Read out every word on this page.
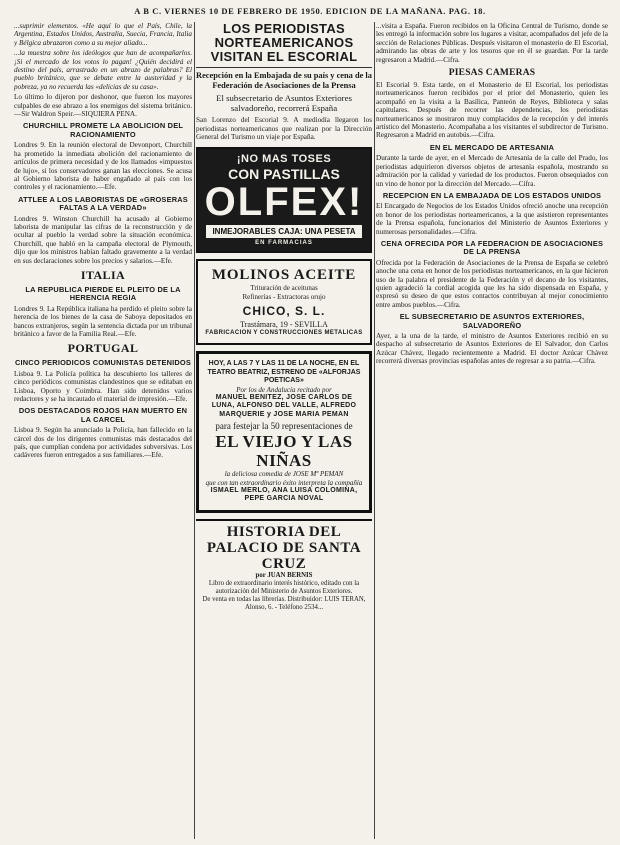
A B C. VIERNES 10 DE FEBRERO DE 1950. EDICION DE LA MAÑANA. PAG. 18.

...suprimir elementos. «He aquí lo que el País, Chile, la Argentina, Estados Unidos, Australia, Suecia, Francia, Italia y Bélgica abrazaron como a su mejor aliado...

...la muestra sobre los ideólogos que han de acompañarlos. ¡Si el mercado de los votos lo pagan! ¿Quién decidirá el destino del país, arrastrado en un abrazo de palabras? El pueblo británico, que se debate entre la austeridad y la pobreza, ya no recuerda las «delicias de su casa».

Lo último lo dijeron por deshonor, que fueron los mayores culpables de ese abrazo a los enemigos del sistema británico. —Sir Waldron Speir.—SIQUIERA PENA.

CHURCHILL PROMETE LA ABOLICION DEL RACIONAMIENTO

Londres 9. En la reunión electoral de Devonport, Churchill ha prometido la inmediata abolición del racionamiento de artículos de primera necesidad y de los llamados «impuestos de lujo», si los conservadores ganan las elecciones. Se acusa al Gobierno laborista de haber engañado al país con los controles y el racionamiento.—Efe.

ATTLEE A LOS LABORISTAS DE «GROSERAS FALTAS A LA VERDAD»

Londres 9. Winston Churchill ha acusado al Gobierno laborista de manipular las cifras de la reconstrucción y de ocultar al pueblo la verdad sobre la situación económica. Churchill, que habló en la campaña electoral de Plymouth, dijo que los ministros habían faltado gravemente a la verdad en sus declaraciones sobre los precios y salarios.—Efe.

ITALIA
LA REPUBLICA PIERDE EL PLEITO DE LA HERENCIA REGIA

Londres 9. La República italiana ha perdido el pleito sobre la herencia de los bienes de la casa de Saboya depositados en bancos extranjeros, según la sentencia dictada por un tribunal británico a favor de la Familia Real.—Efe.

PORTUGAL
CINCO PERIODICOS COMUNISTAS DETENIDOS

Lisboa 9. La Policía política ha descubierto los talleres de cinco periódicos comunistas clandestinos que se editaban en Lisboa, Oporto y Coimbra. Han sido detenidos varios redactores y se ha incautado el material de impresión.—Efe.

DOS DESTACADOS ROJOS HAN MUERTO EN LA CARCEL

Lisboa 9. Según ha anunciado la Policía, han fallecido en la cárcel dos de los dirigentes comunistas más destacados del país, que cumplían condena por actividades subversivas. Los cadáveres fueron entregados a sus familiares.—Efe.

LOS PERIODISTAS NORTEAMERICANOS VISITAN EL ESCORIAL
Recepción en la Embajada de su país y cena de la Federación de Asociaciones de la Prensa
El subsecretario de Asuntos Exteriores salvadoreño, recorrerá España

San Lorenzo del Escorial 9. A mediodía llegaron los periodistas norteamericanos que realizan por la Dirección General del Turismo un viaje por España.

¡NO MAS TOSES
CON PASTILLAS
OLFEX!
INMEJORABLES CAJA: UNA PESETA
EN FARMACIAS
MOLINOS ACEITE
Trituración de aceitunas
Refinerías - Extractoras orujo
CHICO, S. L.
Trastámara, 19 - SEVILLA
FABRICACION Y CONSTRUCCIONES METALICAS
HOY, A LAS 7 Y LAS 11 DE LA NOCHE, EN EL TEATRO BEATRIZ, ESTRENO DE «ALFORJAS POETICAS»
Por los de Andalucía recitado por
MANUEL BENITEZ, JOSE CARLOS DE LUNA, ALFONSO DEL VALLE, ALFREDO MARQUERIE y JOSE MARIA PEMAN
para festejar la 50 representaciones de
EL VIEJO Y LAS NIÑAS
la deliciosa comedia de JOSE Mª PEMAN
que con tan extraordinario éxito interpreta la compañía
ISMAEL MERLO, ANA LUISA COLOMINA, PEPE GARCIA NOVAL
HISTORIA DEL PALACIO DE SANTA CRUZ
por JUAN BERNIS
Libro de extraordinario interés histórico, editado con la autorización del Ministerio de Asuntos Exteriores.
De venta en todas las librerías. Distribuidor: LUIS TERAN, Alonso, 6. - Teléfono 2534...

...visita a España. Fueron recibidos en la Oficina Central de Turismo, donde se les entregó la información sobre los lugares a visitar, acompañados del jefe de la sección de Relaciones Públicas. Después visitaron el monasterio de El Escorial, admirando las obras de arte y los tesoros que en él se guardan. Por la tarde regresaron a Madrid.—Cifra.

PIESAS CAMERAS

El Escorial 9. Esta tarde, en el Monasterio de El Escorial, los periodistas norteamericanos fueron recibidos por el prior del Monasterio, quien les acompañó en la visita a la Basílica, Panteón de Reyes, Biblioteca y salas capitulares. Después de recorrer las dependencias, los periodistas norteamericanos se mostraron muy complacidos de la recepción y del interés artístico del Monasterio. Acompañaba a los visitantes el subdirector de Turismo. Regresaron a Madrid en autobús.—Cifra.

EN EL MERCADO DE ARTESANIA

Durante la tarde de ayer, en el Mercado de Artesanía de la calle del Prado, los periodistas adquirieron diversos objetos de artesanía española, mostrando su admiración por la calidad y variedad de los productos. Fueron obsequiados con un vino de honor por la dirección del Mercado.—Cifra.

RECEPCION EN LA EMBAJADA DE LOS ESTADOS UNIDOS

El Encargado de Negocios de los Estados Unidos ofreció anoche una recepción en honor de los periodistas norteamericanos, a la que asistieron representantes de la Prensa española, funcionarios del Ministerio de Asuntos Exteriores y numerosas personalidades.—Cifra.

CENA OFRECIDA POR LA FEDERACION DE ASOCIACIONES DE LA PRENSA

Ofrecida por la Federación de Asociaciones de la Prensa de España se celebró anoche una cena en honor de los periodistas norteamericanos, en la que hicieron uso de la palabra el presidente de la Federación y el decano de los visitantes, quien agradeció la cordial acogida que les ha sido dispensada en España, y expresó su deseo de que estos contactos contribuyan al mejor conocimiento entre ambos pueblos.—Cifra.

EL SUBSECRETARIO DE ASUNTOS EXTERIORES, SALVADOREÑO

Ayer, a la una de la tarde, el ministro de Asuntos Exteriores recibió en su despacho al subsecretario de Asuntos Exteriores de El Salvador, don Carlos Azúcar Chávez, llegado recientemente a Madrid. El doctor Azúcar Chávez recorrerá diversas provincias españolas antes de regresar a su patria.—Cifra.
